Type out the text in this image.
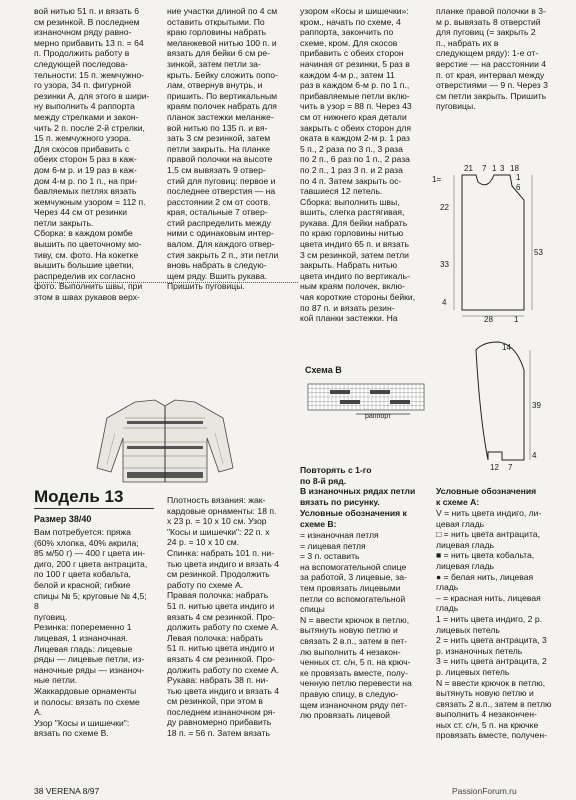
вой нитью 51 п. и вязать 6
см резинкой. В последнем
изнаночном ряду равно-
мерно прибавить 13 п. = 64
п. Продолжить работу в
следующей последова-
тельности: 15 п. жемчужно-
го узора, 34 п. фигурной
резинки А, для этого в шири-
ну выполнить 4 раппорта
между стрелками и закон-
чить 2 п. после 2-й стрелки,
15 п. жемчужного узора.
Для скосов прибавить с
обеих сторон 5 раз в каж-
дом 6-м р. и 19 раз в каж-
дом 4-м р. по 1 п., на при-
бавляемых петлях вязать
жемчужным узором = 112 п.
Через 44 см от резинки
петли закрыть.
Сборка: в каждом ромбе
вышить по цветочному мо-
тиву, см. фото. На кокетке
вышить большие цветки,
распределив их согласно
фото. Выполнить швы, при
этом в швах рукавов верх-
ние участки длиной по 4 см
оставить открытыми. По
краю горловины набрать
меланжевой нитью 100 п. и
вязать для бейки 6 см ре-
зинкой, затем петли за-
крыть. Бейку сложить попо-
лам, отвернув внутрь, и
пришить. По вертикальным
краям полочек набрать для
планок застежки меланже-
вой нитью по 135 п. и вя-
зать 3 см резинкой, затем
петли закрыть. На планке
правой полочки на высоте
1,5 см вывязать 9 отвер-
стий для пуговиц: первое и
последнее отверстия — на
расстоянии 2 см от соотв.
края, остальные 7 отвер-
стий распределить между
ними с одинаковым интер-
валом. Для каждого отвер-
стия закрыть 2 п., эти петли
вновь набрать в следую-
щем ряду. Вшить рукава.
Пришить пуговицы.
узором «Косы и шишечки»:
кром., начать по схеме, 4
раппорта, закончить по
схеме, кром. Для скосов
прибавить с обеих сторон
начиная от резинки, 5 раз в
каждом 4-м р., затем 11
раз в каждом 6-м р. по 1 п.,
прибавляемые петли вклю-
чить в узор = 88 п. Через 43
см от нижнего края детали
закрыть с обеих сторон для
оката в каждом 2-м р. 1 раз
5 п., 2 раза по 3 п., 3 раза
по 2 п., 6 раз по 1 п., 2 раза
по 2 п., 1 раз 3 п. и 2 раза
по 4 п. Затем закрыть ос-
тавшиеся 12 петель.
Сборка: выполнить швы,
вшить, слегка растягивая,
рукава. Для бейки набрать
по краю горловины нитью
цвета индиго 65 п. и вязать
3 см резинкой, затем петли
закрыть. Набрать нитью
цвета индиго по вертикаль-
ным краям полочек, вклю-
чая короткие стороны бейки,
по 87 п. и вязать резин-
кой планки застежки. На
планке правой полочки в 3-
м р. вывязать 8 отверстий
для пуговиц (= закрыть 2
п., набрать их в
следующем ряду): 1-е от-
верстие — на расстоянии 4
п. от края, интервал между
отверстиями — 9 п. Через 3
см петли закрыть. Пришить
пуговицы.
Модель 13
Размер 38/40
Вам потребуется: пряжа
(60% хлопка, 40% акрила;
85 м/50 г) — 400 г цвета ин-
диго, 200 г цвета антрацита,
по 100 г цвета кобальта,
белой и красной; гибкие
спицы № 5; круговые № 4,5; 8
пуговиц.
Резинка: попеременно 1
лицевая, 1 изнаночная.
Лицевая гладь: лицевые
ряды — лицевые петли, из-
наночные ряды — изнаноч-
ные петли.
Жаккардовые орнаменты
и полосы: вязать по схеме
А.
Узор "Косы и шишечки":
вязать по схеме В.
Плотность вязания: жак-
кардовые орнаменты: 18 п.
x 23 р. = 10 x 10 см. Узор
"Косы и шишечки": 22 п. x
24 р. = 10 x 10 см.
Спинка: набрать 101 п. ни-
тью цвета индиго и вязать 4
см резинкой. Продолжить
работу по схеме А.
Правая полочка: набрать
51 п. нитью цвета индиго и
вязать 4 см резинкой. Про-
должить работу по схеме А.
Левая полочка: набрать
51 п. нитью цвета индиго и
вязать 4 см резинкой. Про-
должить работу по схеме А.
Рукава: набрать 38 п. ни-
тью цвета индиго и вязать 4
см резинкой, при этом в
последнем изнаночном ря-
ду равномерно прибавить
18 п. = 56 п. Затем вязать
Схема В
раппорт
Повторять с 1-го
по 8-й ряд.
В изнаночных рядах петли
вязать по рисунку.
Условные обозначения к
схеме В:
= изнаночная петля
= лицевая петля
= 3 п. оставить
на вспомогательной спице
за работой, 3 лицевые, за-
тем провязать лицевыми
петли со вспомогательной
спицы
N = ввести крючок в петлю,
вытянуть новую петлю и
связать 2 в.п., затем в пет-
лю выполнить 4 незакон-
ченных ст. с/н, 5 п. на крюч-
ке провязать вместе, полу-
ченную петлю перевести на
правую спицу, в следую-
щем изнаночном ряду пет-
лю провязать лицевой
21 7 1 3 18
1=	1
6
22
53
33
4
28	1
14
39
4
12 7
Условные обозначения
к схеме А:
V = нить цвета индиго, ли-
цевая гладь
□ = нить цвета антрацита,
лицевая гладь
■ = нить цвета кобальта,
лицевая гладь
● = белая нить, лицевая
гладь
‒ = красная нить, лицевая
гладь
1 = нить цвета индиго, 2 р.
лицевых петель
2 = нить цвета антрацита, 3
р. изнаночных петель
3 = нить цвета антрацита, 2
р. лицевых петель
N = ввести крючок в петлю,
вытянуть новую петлю и
связать 2 в.п., затем в петлю
выполнить 4 незакончен-
ных ст. с/н, 5 п. на крючке
провязать вместе, получен-
38 VERENA 8/97	PassionForum.ru
